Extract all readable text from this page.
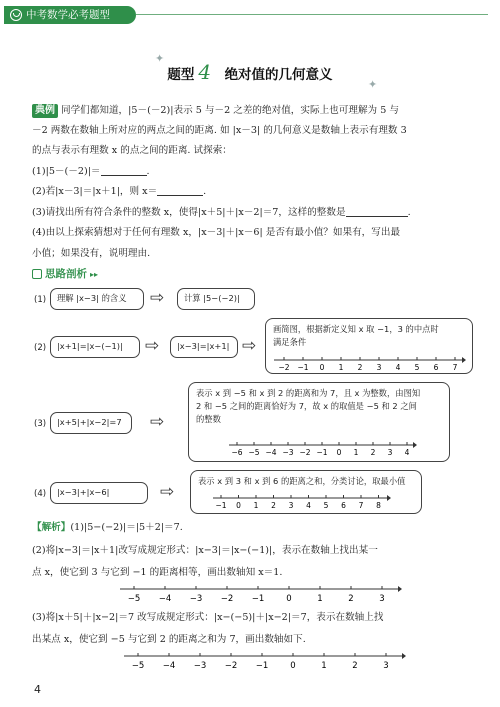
中考数学必考题型
✦
✦
题型 4 绝对值的几何意义
典例 同学们都知道，|5－(－2)|表示 5 与－2 之差的绝对值，实际上也可理解为 5 与
－2 两数在数轴上所对应的两点之间的距离. 如 |x－3| 的几何意义是数轴上表示有理数 3
的点与表示有理数 x 的点之间的距离. 试探索：
(1)|5－(－2)|＝	.
(2)若|x－3|＝|x＋1|，则 x＝	.
(3)请找出所有符合条件的整数 x，使得|x＋5|＋|x－2|＝7，这样的整数是	.
(4)由以上探索猜想对于任何有理数 x，|x－3|＋|x－6| 是否有最小值？如果有，写出最
小值；如果没有，说明理由.
思路剖析 ▸▸
(1)	理解 |x−3| 的含义	⇨	计算 |5−(−2)|
(2)	|x+1|=|x−(−1)|	⇨	|x−3|=|x+1| ⇨
画简图，根据新定义知 x 取 −1，3 的中点时
满足条件
−2 −1 0 1 2 3 4 5 6 7
(3)	|x+5|+|x−2|=7	⇨
表示 x 到 −5 和 x 到 2 的距离和为 7，且 x 为整数，由图知
2 和 −5 之间的距离恰好为 7，故 x 的取值是 −5 和 2 之间
的整数
−6 −5 −4 −3 −2 −1 0 1 2 3 4
(4)	|x−3|+|x−6|	⇨
表示 x 到 3 和 x 到 6 的距离之和，分类讨论，取最小值
−1 0 1 2 3 4 5 6 7 8
【解析】(1)|5−(−2)|＝|5＋2|＝7.
(2)将|x−3|＝|x＋1|改写成规定形式：|x−3|＝|x−(−1)|，表示在数轴上找出某一
点 x，使它到 3 与它到 −1 的距离相等，画出数轴知 x＝1.
−5 −4 −3 −2 −1	0	1	2	3
(3)将|x＋5|＋|x−2|＝7 改写成规定形式：|x−(−5)|＋|x−2|＝7，表示在数轴上找
出某点 x，使它到 −5 与它到 2 的距离之和为 7，画出数轴如下.
−5 −4 −3 −2 −1	0	1	2	3
4
